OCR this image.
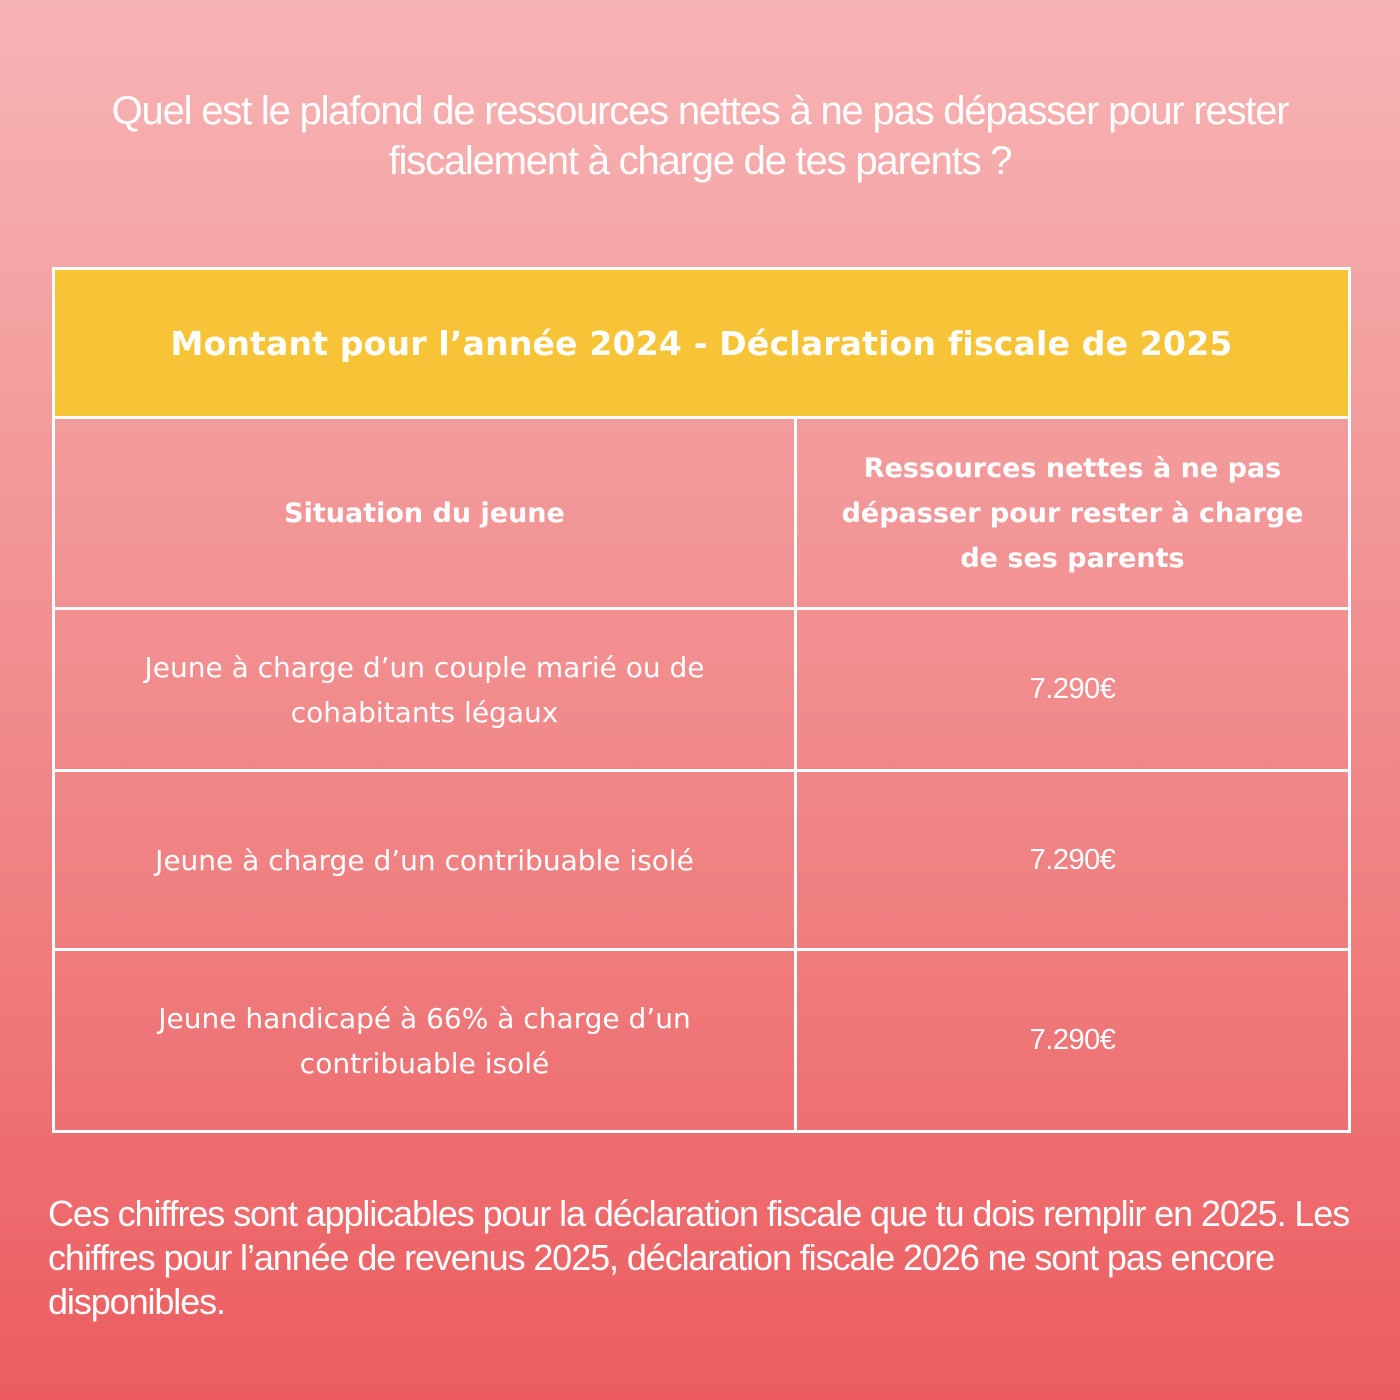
Quel est le plafond de ressources nettes à ne pas dépasser pour rester fiscalement à charge de tes parents ?
Montant pour l’année 2024 - Déclaration fiscale de 2025
Situation du jeune
Ressources nettes à ne pas dépasser pour rester à charge de ses parents
Jeune à charge d’un couple marié ou de cohabitants légaux
7.290€
Jeune à charge d’un contribuable isolé	7.290€
Jeune handicapé à 66% à charge d’un contribuable isolé
7.290€

Ces chiffres sont applicables pour la déclaration fiscale que tu dois remplir en 2025. Les chiffres pour l’année de revenus 2025, déclaration fiscale 2026 ne sont pas encore disponibles.
